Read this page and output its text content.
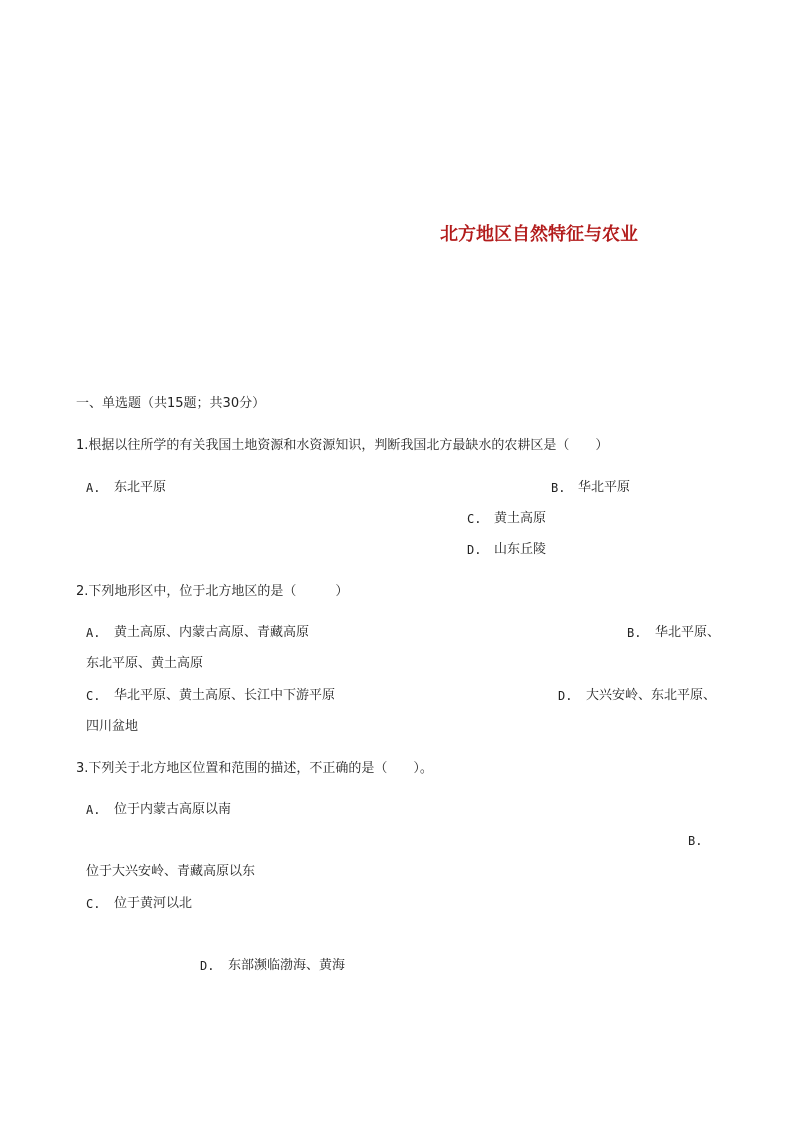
北方地区自然特征与农业
一、单选题（共15题；共30分）
1.根据以往所学的有关我国土地资源和水资源知识，判断我国北方最缺水的农耕区是（　　）
A. 东北平原	B. 华北平原
C. 黄土高原
D. 山东丘陵
2.下列地形区中，位于北方地区的是（　　　）
A. 黄土高原、内蒙古高原、青藏高原	B. 华北平原、
东北平原、黄土高原
C. 华北平原、黄土高原、长江中下游平原	D. 大兴安岭、东北平原、
四川盆地
3.下列关于北方地区位置和范围的描述，不正确的是（　　）。
A. 位于内蒙古高原以南
B.
位于大兴安岭、青藏高原以东
C. 位于黄河以北
D. 东部濒临渤海、黄海
